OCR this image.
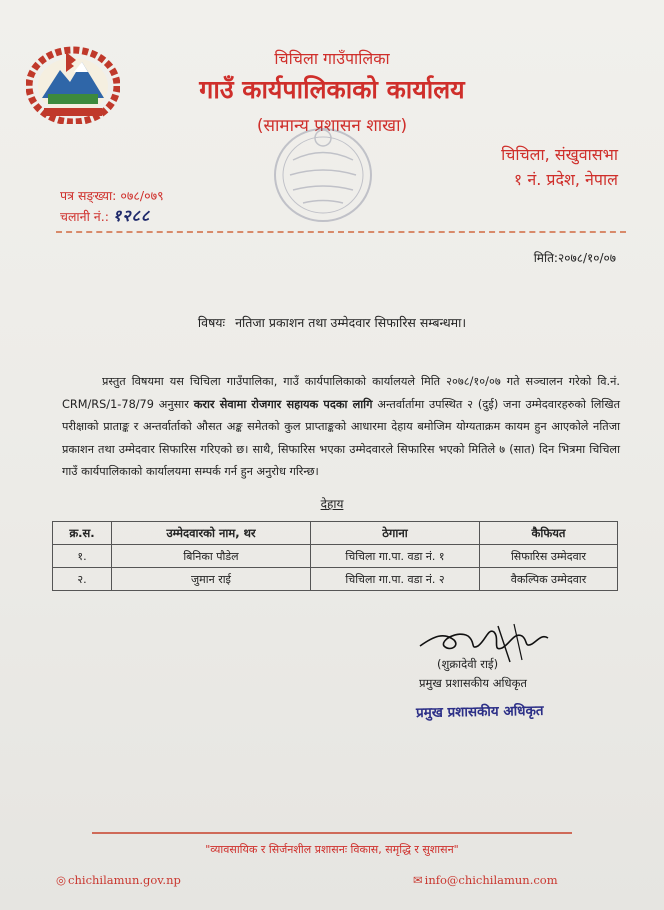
चिचिला गाउँपालिका
गाउँ कार्यपालिकाको कार्यालय
(सामान्य प्रशासन शाखा)
चिचिला, संखुवासभा
१ नं. प्रदेश, नेपाल
पत्र सङ्ख्या: ०७८/०७९
चलानी नं.: १२८८
मिति:२०७८/१०/०७
विषयः नतिजा प्रकाशन तथा उम्मेदवार सिफारिस सम्बन्धमा।
प्रस्तुत विषयमा यस चिचिला गाउँपालिका, गाउँ कार्यपालिकाको कार्यालयले मिति २०७८/१०/०७ गते सञ्चालन गरेको वि.नं. CRM/RS/1-78/79 अनुसार करार सेवामा रोजगार सहायक पदका लागि अन्तर्वार्तामा उपस्थित २ (दुई) जना उम्मेदवारहरुको लिखित परीक्षाको प्राताङ्क र अन्तर्वार्ताको औसत अङ्क समेतको कुल प्राप्ताङ्कको आधारमा देहाय बमोजिम योग्यताक्रम कायम हुन आएकोले नतिजा प्रकाशन तथा उम्मेदवार सिफारिस गरिएको छ। साथै, सिफारिस भएका उम्मेदवारले सिफारिस भएको मितिले ७ (सात) दिन भित्रमा चिचिला गाउँ कार्यपालिकाको कार्यालयमा सम्पर्क गर्न हुन अनुरोध गरिन्छ।
देहाय
क्र.स.	उम्मेदवारको नाम, थर	ठेगाना	कैफियत
१.	बिनिका पौडेल	चिचिला गा.पा. वडा नं. १	सिफारिस उम्मेदवार
२.	जुमान राई	चिचिला गा.पा. वडा नं. २	वैकल्पिक उम्मेदवार
(शुक्रादेवी राई)
प्रमुख प्रशासकीय अधिकृत
प्रमुख प्रशासकीय अधिकृत
"व्यावसायिक र सिर्जनशील प्रशासनः विकास, समृद्धि र सुशासन"
◎ chichilamun.gov.np	✉ info@chichilamun.com
